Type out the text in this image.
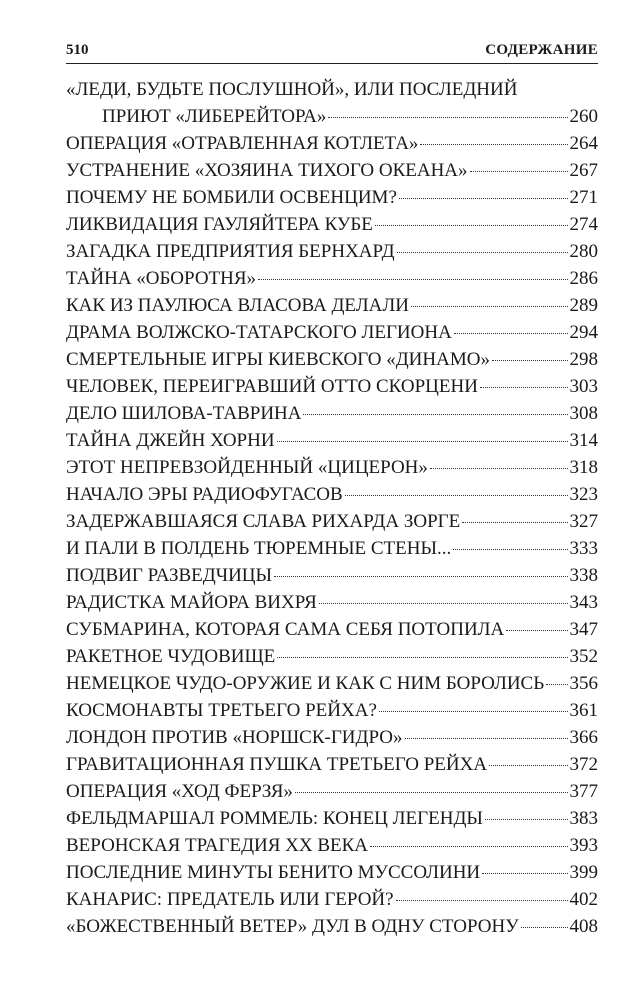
510	СОДЕРЖАНИЕ
«ЛЕДИ, БУДЬТЕ ПОСЛУШНОЙ», ИЛИ ПОСЛЕДНИЙ
ПРИЮТ «ЛИБЕРЕЙТОРА»	260
ОПЕРАЦИЯ «ОТРАВЛЕННАЯ КОТЛЕТА»	264
УСТРАНЕНИЕ «ХОЗЯИНА ТИХОГО ОКЕАНА»	267
ПОЧЕМУ НЕ БОМБИЛИ ОСВЕНЦИМ?	271
ЛИКВИДАЦИЯ ГАУЛЯЙТЕРА КУБЕ	274
ЗАГАДКА ПРЕДПРИЯТИЯ БЕРНХАРД	280
ТАЙНА «ОБОРОТНЯ»	286
КАК ИЗ ПАУЛЮСА ВЛАСОВА ДЕЛАЛИ	289
ДРАМА ВОЛЖСКО-ТАТАРСКОГО ЛЕГИОНА	294
СМЕРТЕЛЬНЫЕ ИГРЫ КИЕВСКОГО «ДИНАМО»	298
ЧЕЛОВЕК, ПЕРЕИГРАВШИЙ ОТТО СКОРЦЕНИ	303
ДЕЛО ШИЛОВА-ТАВРИНА	308
ТАЙНА ДЖЕЙН ХОРНИ	314
ЭТОТ НЕПРЕВЗОЙДЕННЫЙ «ЦИЦЕРОН»	318
НАЧАЛО ЭРЫ РАДИОФУГАСОВ	323
ЗАДЕРЖАВШАЯСЯ СЛАВА РИХАРДА ЗОРГЕ	327
И ПАЛИ В ПОЛДЕНЬ ТЮРЕМНЫЕ СТЕНЫ...	333
ПОДВИГ РАЗВЕДЧИЦЫ	338
РАДИСТКА МАЙОРА ВИХРЯ	343
СУБМАРИНА, КОТОРАЯ САМА СЕБЯ ПОТОПИЛА	347
РАКЕТНОЕ ЧУДОВИЩЕ	352
НЕМЕЦКОЕ ЧУДО-ОРУЖИЕ И КАК С НИМ БОРОЛИСЬ 356
КОСМОНАВТЫ ТРЕТЬЕГО РЕЙХА?	361
ЛОНДОН ПРОТИВ «НОРШСК-ГИДРО»	366
ГРАВИТАЦИОННАЯ ПУШКА ТРЕТЬЕГО РЕЙХА	372
ОПЕРАЦИЯ «ХОД ФЕРЗЯ»	377
ФЕЛЬДМАРШАЛ РОММЕЛЬ: КОНЕЦ ЛЕГЕНДЫ	383
ВЕРОНСКАЯ ТРАГЕДИЯ XX ВЕКА	393
ПОСЛЕДНИЕ МИНУТЫ БЕНИТО МУССОЛИНИ	399
КАНАРИС: ПРЕДАТЕЛЬ ИЛИ ГЕРОЙ?	402
«БОЖЕСТВЕННЫЙ ВЕТЕР» ДУЛ В ОДНУ СТОРОНУ	408
